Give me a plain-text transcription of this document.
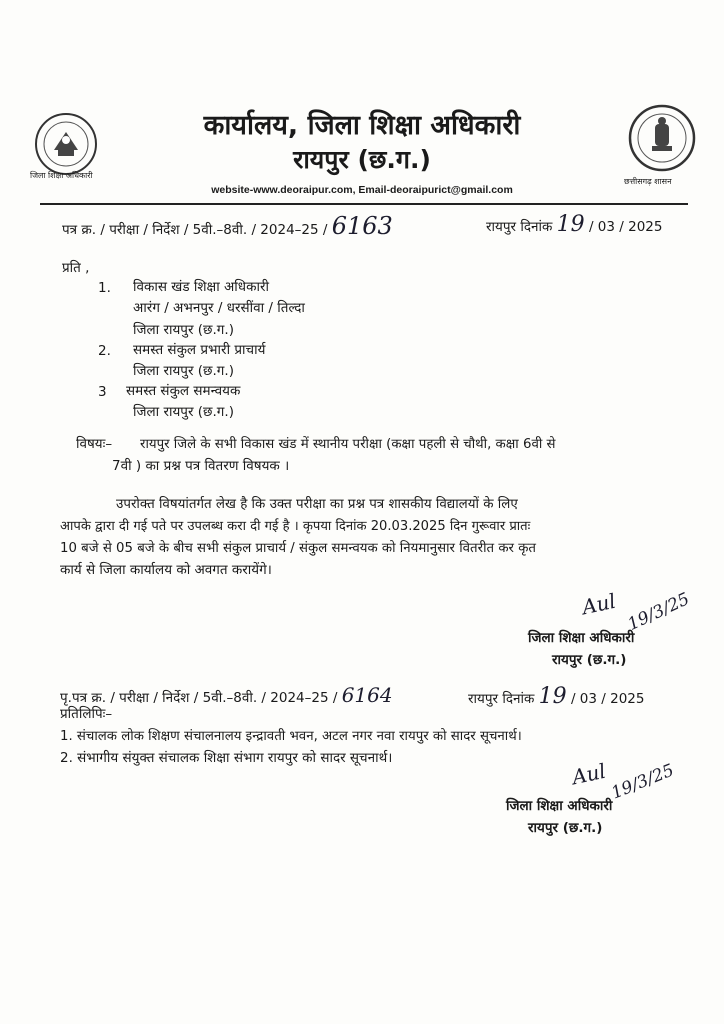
जिला शिक्षा अधिकारी
छत्तीसगढ़ शासन
कार्यालय, जिला शिक्षा अधिकारी
रायपुर (छ.ग.)
website-www.deoraipur.com, Email-deoraipurict@gmail.com
पत्र क्र. / परीक्षा / निर्देश / 5वी.–8वी. / 2024–25 / 6163	रायपुर दिनांक 19 / 03 / 2025
प्रति ,
1. विकास खंड शिक्षा अधिकारी
आरंग / अभनपुर / धरसींवा / तिल्दा
जिला रायपुर (छ.ग.)
2. समस्त संकुल प्रभारी प्राचार्य
जिला रायपुर (छ.ग.)
3 समस्त संकुल समन्वयक
जिला रायपुर (छ.ग.)
विषयः– रायपुर जिले के सभी विकास खंड में स्थानीय परीक्षा (कक्षा पहली से चौथी, कक्षा 6वी से
7वी ) का प्रश्न पत्र वितरण विषयक ।
उपरोक्त विषयांतर्गत लेख है कि उक्त परीक्षा का प्रश्न पत्र शासकीय विद्यालयों के लिए
आपके द्वारा दी गई पते पर उपलब्ध करा दी गई है । कृपया दिनांक 20.03.2025 दिन गुरूवार प्रातः
10 बजे से 05 बजे के बीच सभी संकुल प्राचार्य / संकुल समन्वयक को नियमानुसार वितरीत कर कृत
कार्य से जिला कार्यालय को अवगत करायेंगे।
Aul 19/3/25
जिला शिक्षा अधिकारी
रायपुर (छ.ग.)
पृ.पत्र क्र. / परीक्षा / निर्देश / 5वी.–8वी. / 2024–25 / 6164	रायपुर दिनांक 19 / 03 / 2025
प्रतिलिपिः–
1. संचालक लोक शिक्षण संचालनालय इन्द्रावती भवन, अटल नगर नवा रायपुर को सादर सूचनार्थ।
2. संभागीय संयुक्त संचालक शिक्षा संभाग रायपुर को सादर सूचनार्थ।
Aul 19/3/25
जिला शिक्षा अधिकारी
रायपुर (छ.ग.)
